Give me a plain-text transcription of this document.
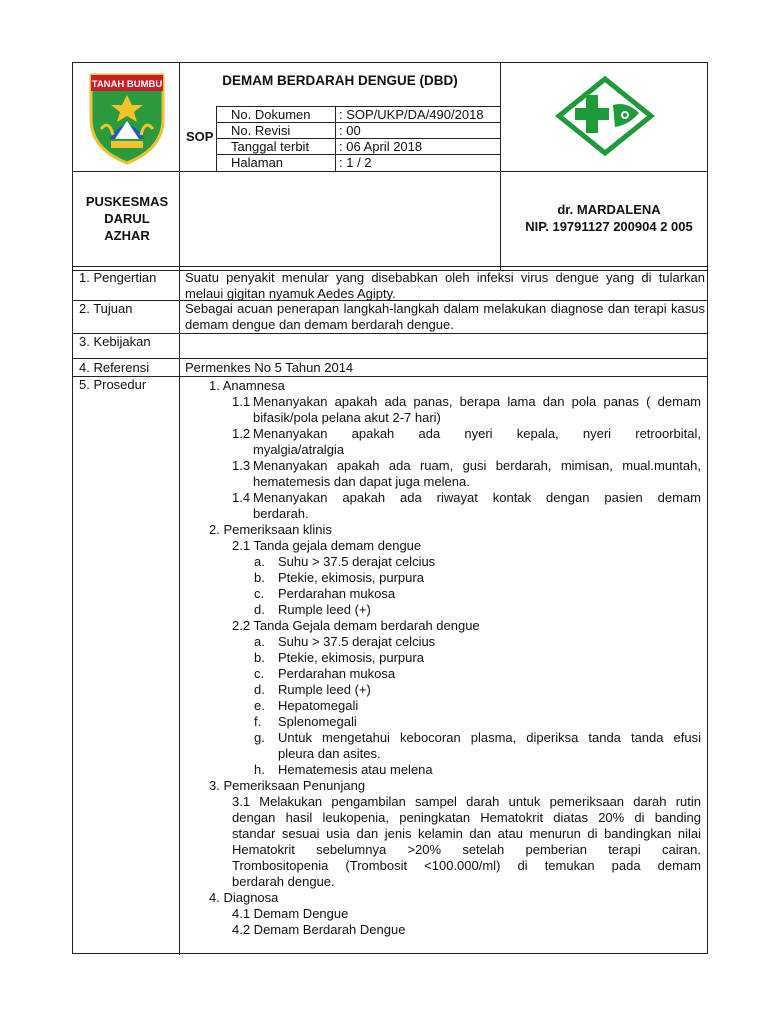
TANAH BUMBU	DEMAM BERDARAH DENGUE (DBD)
SOP
No. Dokumen : SOP/UKP/DA/490/2018
No. Revisi	: 00
Tanggal terbit : 06 April 2018
Halaman	: 1 / 2
PUSKESMAS
DARUL
AZHAR
dr. MARDALENA
NIP. 19791127 200904 2 005
1. Pengertian Suatu penyakit menular yang disebabkan oleh infeksi virus dengue yang di tularkan melaui gigitan nyamuk Aedes Agipty.
2. Tujuan	Sebagai acuan penerapan langkah-langkah dalam melakukan diagnose dan terapi kasus demam dengue dan demam berdarah dengue.
3. Kebijakan
4. Referensi	Permenkes No 5 Tahun 2014
5. Prosedur	1. Anamnesa
1.1 Menanyakan apakah ada panas, berapa lama dan pola panas ( demam
bifasik/pola pelana akut 2-7 hari)
1.2 Menanyakan apakah ada nyeri kepala, nyeri retroorbital,
myalgia/atralgia
1.3 Menanyakan apakah ada ruam, gusi berdarah, mimisan, mual.muntah,
hematemesis dan dapat juga melena.
1.4 Menanyakan apakah ada riwayat kontak dengan pasien demam
berdarah.
2. Pemeriksaan klinis
2.1 Tanda gejala demam dengue
a. Suhu > 37.5 derajat celcius
b. Ptekie, ekimosis, purpura
c. Perdarahan mukosa
d. Rumple leed (+)
2.2 Tanda Gejala demam berdarah dengue
a. Suhu > 37.5 derajat celcius
b. Ptekie, ekimosis, purpura
c. Perdarahan mukosa
d. Rumple leed (+)
e. Hepatomegali
f. Splenomegali
g. Untuk mengetahui kebocoran plasma, diperiksa tanda tanda efusi
pleura dan asites.
h. Hematemesis atau melena
3. Pemeriksaan Penunjang
3.1 Melakukan pengambilan sampel darah untuk pemeriksaan darah rutin
dengan hasil leukopenia, peningkatan Hematokrit diatas 20% di banding
standar sesuai usia dan jenis kelamin dan atau menurun di bandingkan nilai
Hematokrit sebelumnya >20% setelah pemberian terapi cairan.
Trombositopenia (Trombosit <100.000/ml) di temukan pada demam
berdarah dengue.
4. Diagnosa
4.1 Demam Dengue
4.2 Demam Berdarah Dengue
